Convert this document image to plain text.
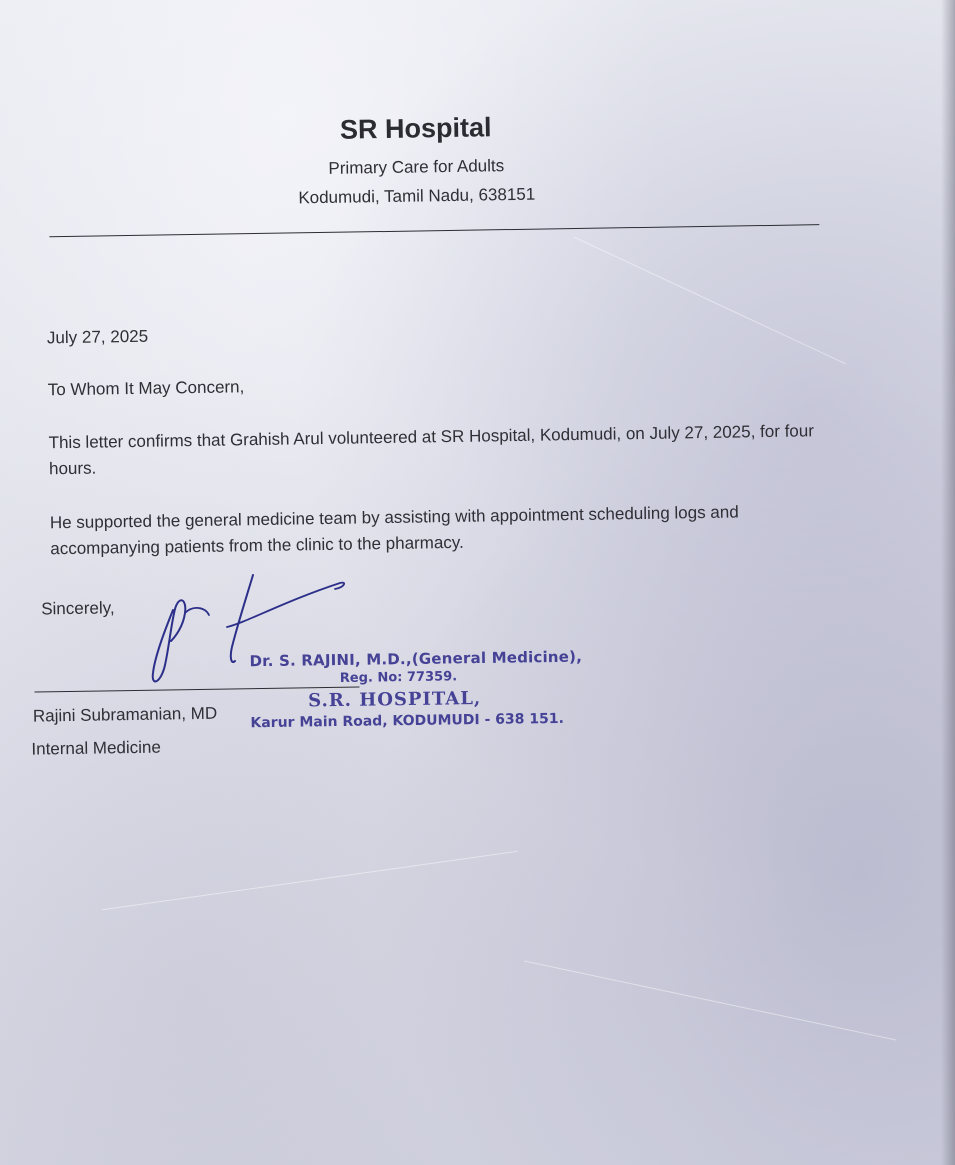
SR Hospital
Primary Care for Adults
Kodumudi, Tamil Nadu, 638151

July 27, 2025

To Whom It May Concern,

This letter confirms that Grahish Arul volunteered at SR Hospital, Kodumudi, on July 27, 2025, for four hours.

He supported the general medicine team by assisting with appointment scheduling logs and accompanying patients from the clinic to the pharmacy.

Sincerely,

Rajini Subramanian, MD
Internal Medicine
Dr. S. RAJINI, M.D.,(General Medicine),
Reg. No: 77359.
S.R. HOSPITAL,
Karur Main Road, KODUMUDI - 638 151.
